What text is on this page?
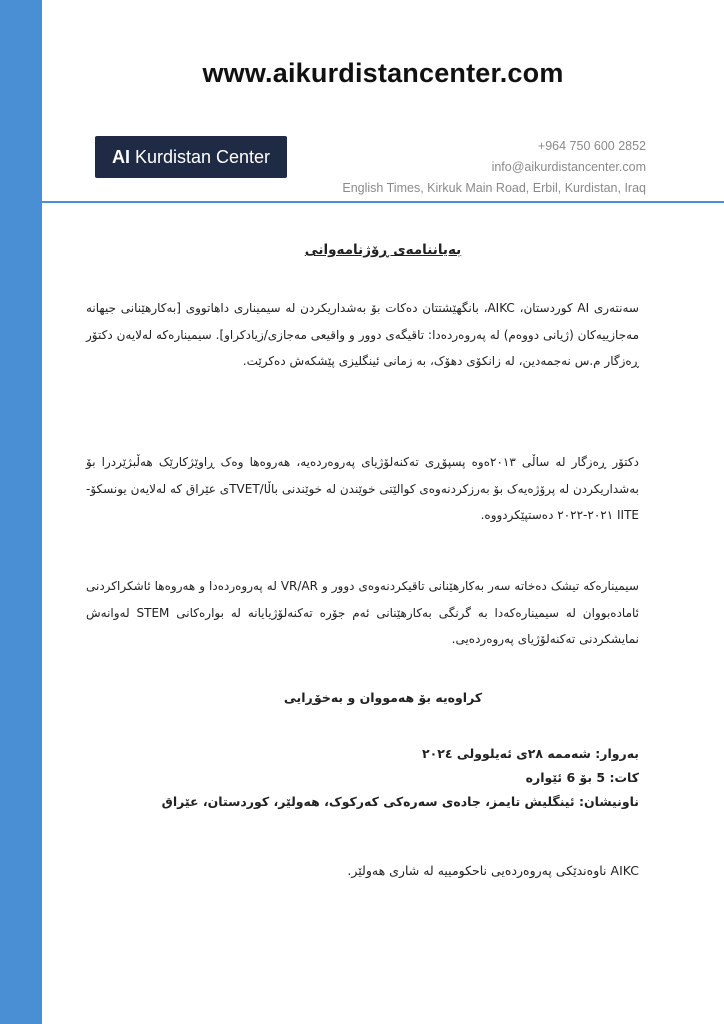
www.aikurdistancenter.com
AI Kurdistan Center
+964 750 600 2852
info@aikurdistancenter.com
English Times, Kirkuk Main Road, Erbil, Kurdistan, Iraq
بەیاننامەی ڕۆژنامەوانی
سەنتەری AI کوردستان، AIKC، بانگهێشتتان دەکات بۆ بەشداریکردن لە سیمیناری داهاتووی [بەکارهێنانی جیهانە مەجازییەکان (ژیانی دووەم) لە پەروەردەدا: تاقیگەی دوور و واقیعی مەجازی/زیادکراو]. سیمینارەکە لەلایەن دکتۆر ڕەزگار م.س نەجمەدین، لە زانکۆی دهۆک، بە زمانی ئینگلیزی پێشکەش دەکرێت.
دکتۆر ڕەزگار لە ساڵی ٢٠١٣ەوە پسپۆڕی تەکنەلۆژیای پەروەردەیە، هەروەها وەک ڕاوێژکارێک هەڵبژێردرا بۆ بەشداریکردن لە پرۆژەیەک بۆ بەرزکردنەوەی کوالێتی خوێندن لە خوێندنی باڵا/TVETی عێراق کە لەلایەن یونسکۆ-IITE ٢٠٢١-٢٠٢٢ دەستپێکردووە.
سیمینارەکە تیشک دەخاتە سەر بەکارهێنانی تاقیکردنەوەی دوور و VR/AR لە پەروەردەدا و هەروەها ئاشکراکردنی ئامادەبووان لە سیمینارەکەدا بە گرنگی بەکارهێنانی ئەم جۆرە تەکنەلۆژیایانە لە بوارەکانی STEM لەوانەش نمایشکردنی تەکنەلۆژیای پەروەردەیی.
کراوەیە بۆ هەمووان و بەخۆڕایی
بەروار: شەممە ٢٨ی ئەیلوولی ٢٠٢٤
کات: 5 بۆ 6 ئێوارە
ناونیشان: ئینگلیش تایمز، جادەی سەرەکی کەرکوک، هەولێر، کوردستان، عێراق
AIKC ناوەندێکی پەروەردەیی ناحکومییە لە شاری هەولێر.
